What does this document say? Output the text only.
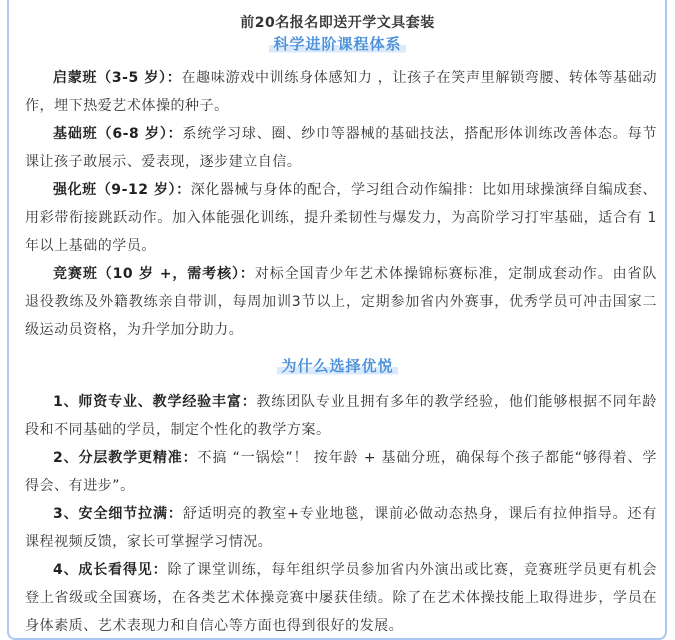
前20名报名即送开学文具套装
科学进阶课程体系

启蒙班（3-5 岁）：在趣味游戏中训练身体感知力 ，让孩子在笑声里解锁弯腰、转体等基础动作，埋下热爱艺术体操的种子。

基础班（6-8 岁）：系统学习球、圈、纱巾等器械的基础技法，搭配形体训练改善体态。每节课让孩子敢展示、爱表现，逐步建立自信。

强化班（9-12 岁）：深化器械与身体的配合，学习组合动作编排：比如用球操演绎自编成套、用彩带衔接跳跃动作。加入体能强化训练，提升柔韧性与爆发力，为高阶学习打牢基础，适合有 1 年以上基础的学员。

竞赛班（10 岁 +，需考核）：对标全国青少年艺术体操锦标赛标准，定制成套动作。由省队退役教练及外籍教练亲自带训，每周加训3节以上，定期参加省内外赛事，优秀学员可冲击国家二级运动员资格，为升学加分助力。

为什么选择优悦

1、师资专业、教学经验丰富：教练团队专业且拥有多年的教学经验，他们能够根据不同年龄段和不同基础的学员，制定个性化的教学方案。

2、分层教学更精准：不搞 “一锅烩”！ 按年龄 + 基础分班，确保每个孩子都能“够得着、学得会、有进步”。

3、安全细节拉满：舒适明亮的教室+专业地毯，课前必做动态热身，课后有拉伸指导。还有课程视频反馈，家长可掌握学习情况。

4、成长看得见：除了课堂训练，每年组织学员参加省内外演出或比赛，竞赛班学员更有机会登上省级或全国赛场，在各类艺术体操竞赛中屡获佳绩。除了在艺术体操技能上取得进步，学员在身体素质、艺术表现力和自信心等方面也得到很好的发展。
